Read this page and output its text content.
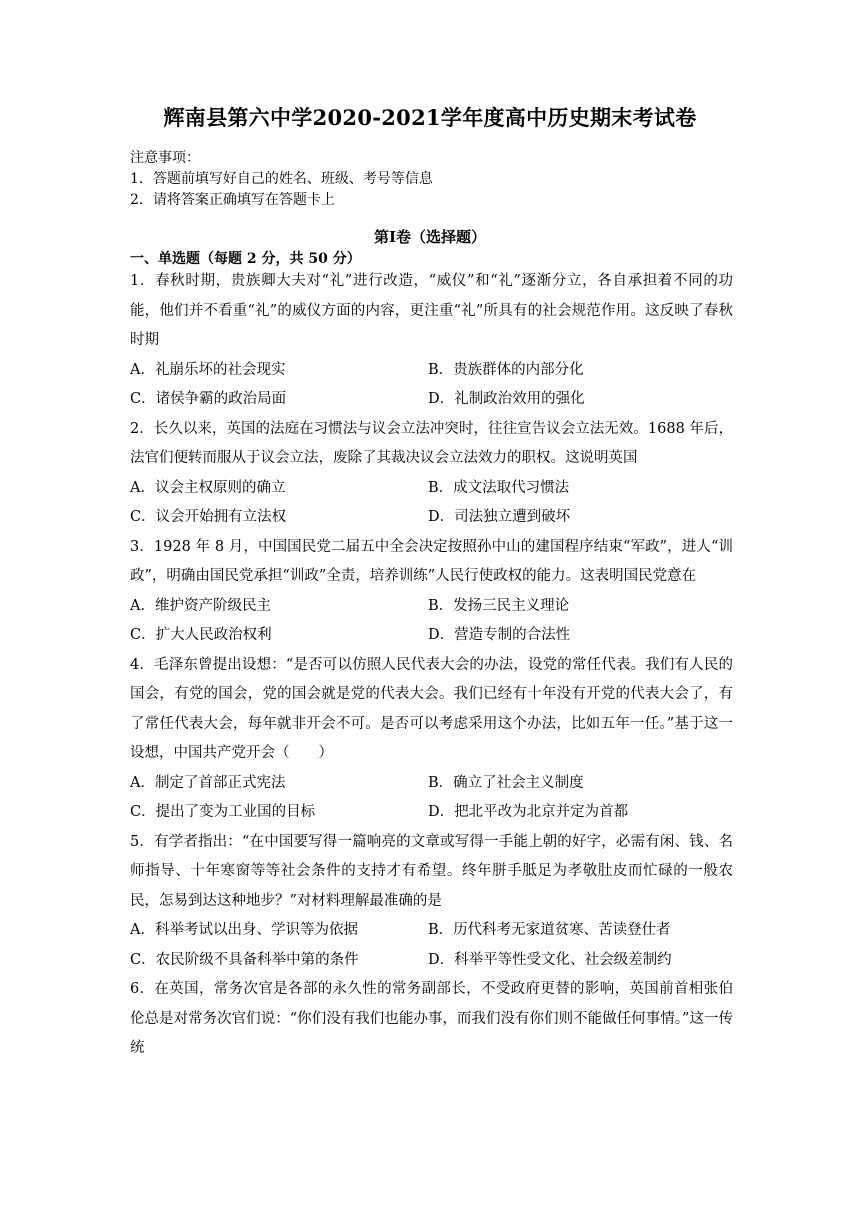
辉南县第六中学2020-2021学年度高中历史期末考试卷
注意事项：
1．答题前填写好自己的姓名、班级、考号等信息
2．请将答案正确填写在答题卡上
第Ⅰ卷（选择题）
一、单选题（每题 2 分，共 50 分）
1．春秋时期，贵族卿大夫对“礼”进行改造，“威仪”和“礼”逐渐分立，各自承担着不同的功能，他们并不看重“礼”的威仪方面的内容，更注重“礼”所具有的社会规范作用。这反映了春秋时期
A．礼崩乐坏的社会现实	B．贵族群体的内部分化
C．诸侯争霸的政治局面	D．礼制政治效用的强化
2．长久以来，英国的法庭在习惯法与议会立法冲突时，往往宣告议会立法无效。1688 年后，法官们便转而服从于议会立法，废除了其裁决议会立法效力的职权。这说明英国
A．议会主权原则的确立	B．成文法取代习惯法
C．议会开始拥有立法权	D．司法独立遭到破坏
3．1928 年 8 月，中国国民党二届五中全会决定按照孙中山的建国程序结束“军政”，进人“训政”，明确由国民党承担“训政”全责，培养训练”人民行使政权的能力。这表明国民党意在
A．维护资产阶级民主	B．发扬三民主义理论
C．扩大人民政治权利	D．营造专制的合法性
4．毛泽东曾提出设想：“是否可以仿照人民代表大会的办法，设党的常任代表。我们有人民的国会，有党的国会，党的国会就是党的代表大会。我们已经有十年没有开党的代表大会了，有了常任代表大会，每年就非开会不可。是否可以考虑采用这个办法，比如五年一任。”基于这一设想，中国共产党开会（　　）
A．制定了首部正式宪法	B．确立了社会主义制度
C．提出了变为工业国的目标	D．把北平改为北京并定为首都
5．有学者指出：“在中国要写得一篇响亮的文章或写得一手能上朝的好字，必需有闲、钱、名师指导、十年寒窗等等社会条件的支持才有希望。终年胼手胝足为孝敬肚皮而忙碌的一般农民，怎易到达这种地步？”对材料理解最准确的是
A．科举考试以出身、学识等为依据	B．历代科考无家道贫寒、苦读登仕者
C．农民阶级不具备科举中第的条件	D．科举平等性受文化、社会级差制约
6．在英国，常务次官是各部的永久性的常务副部长，不受政府更替的影响，英国前首相张伯伦总是对常务次官们说：“你们没有我们也能办事，而我们没有你们则不能做任何事情。”这一传统
